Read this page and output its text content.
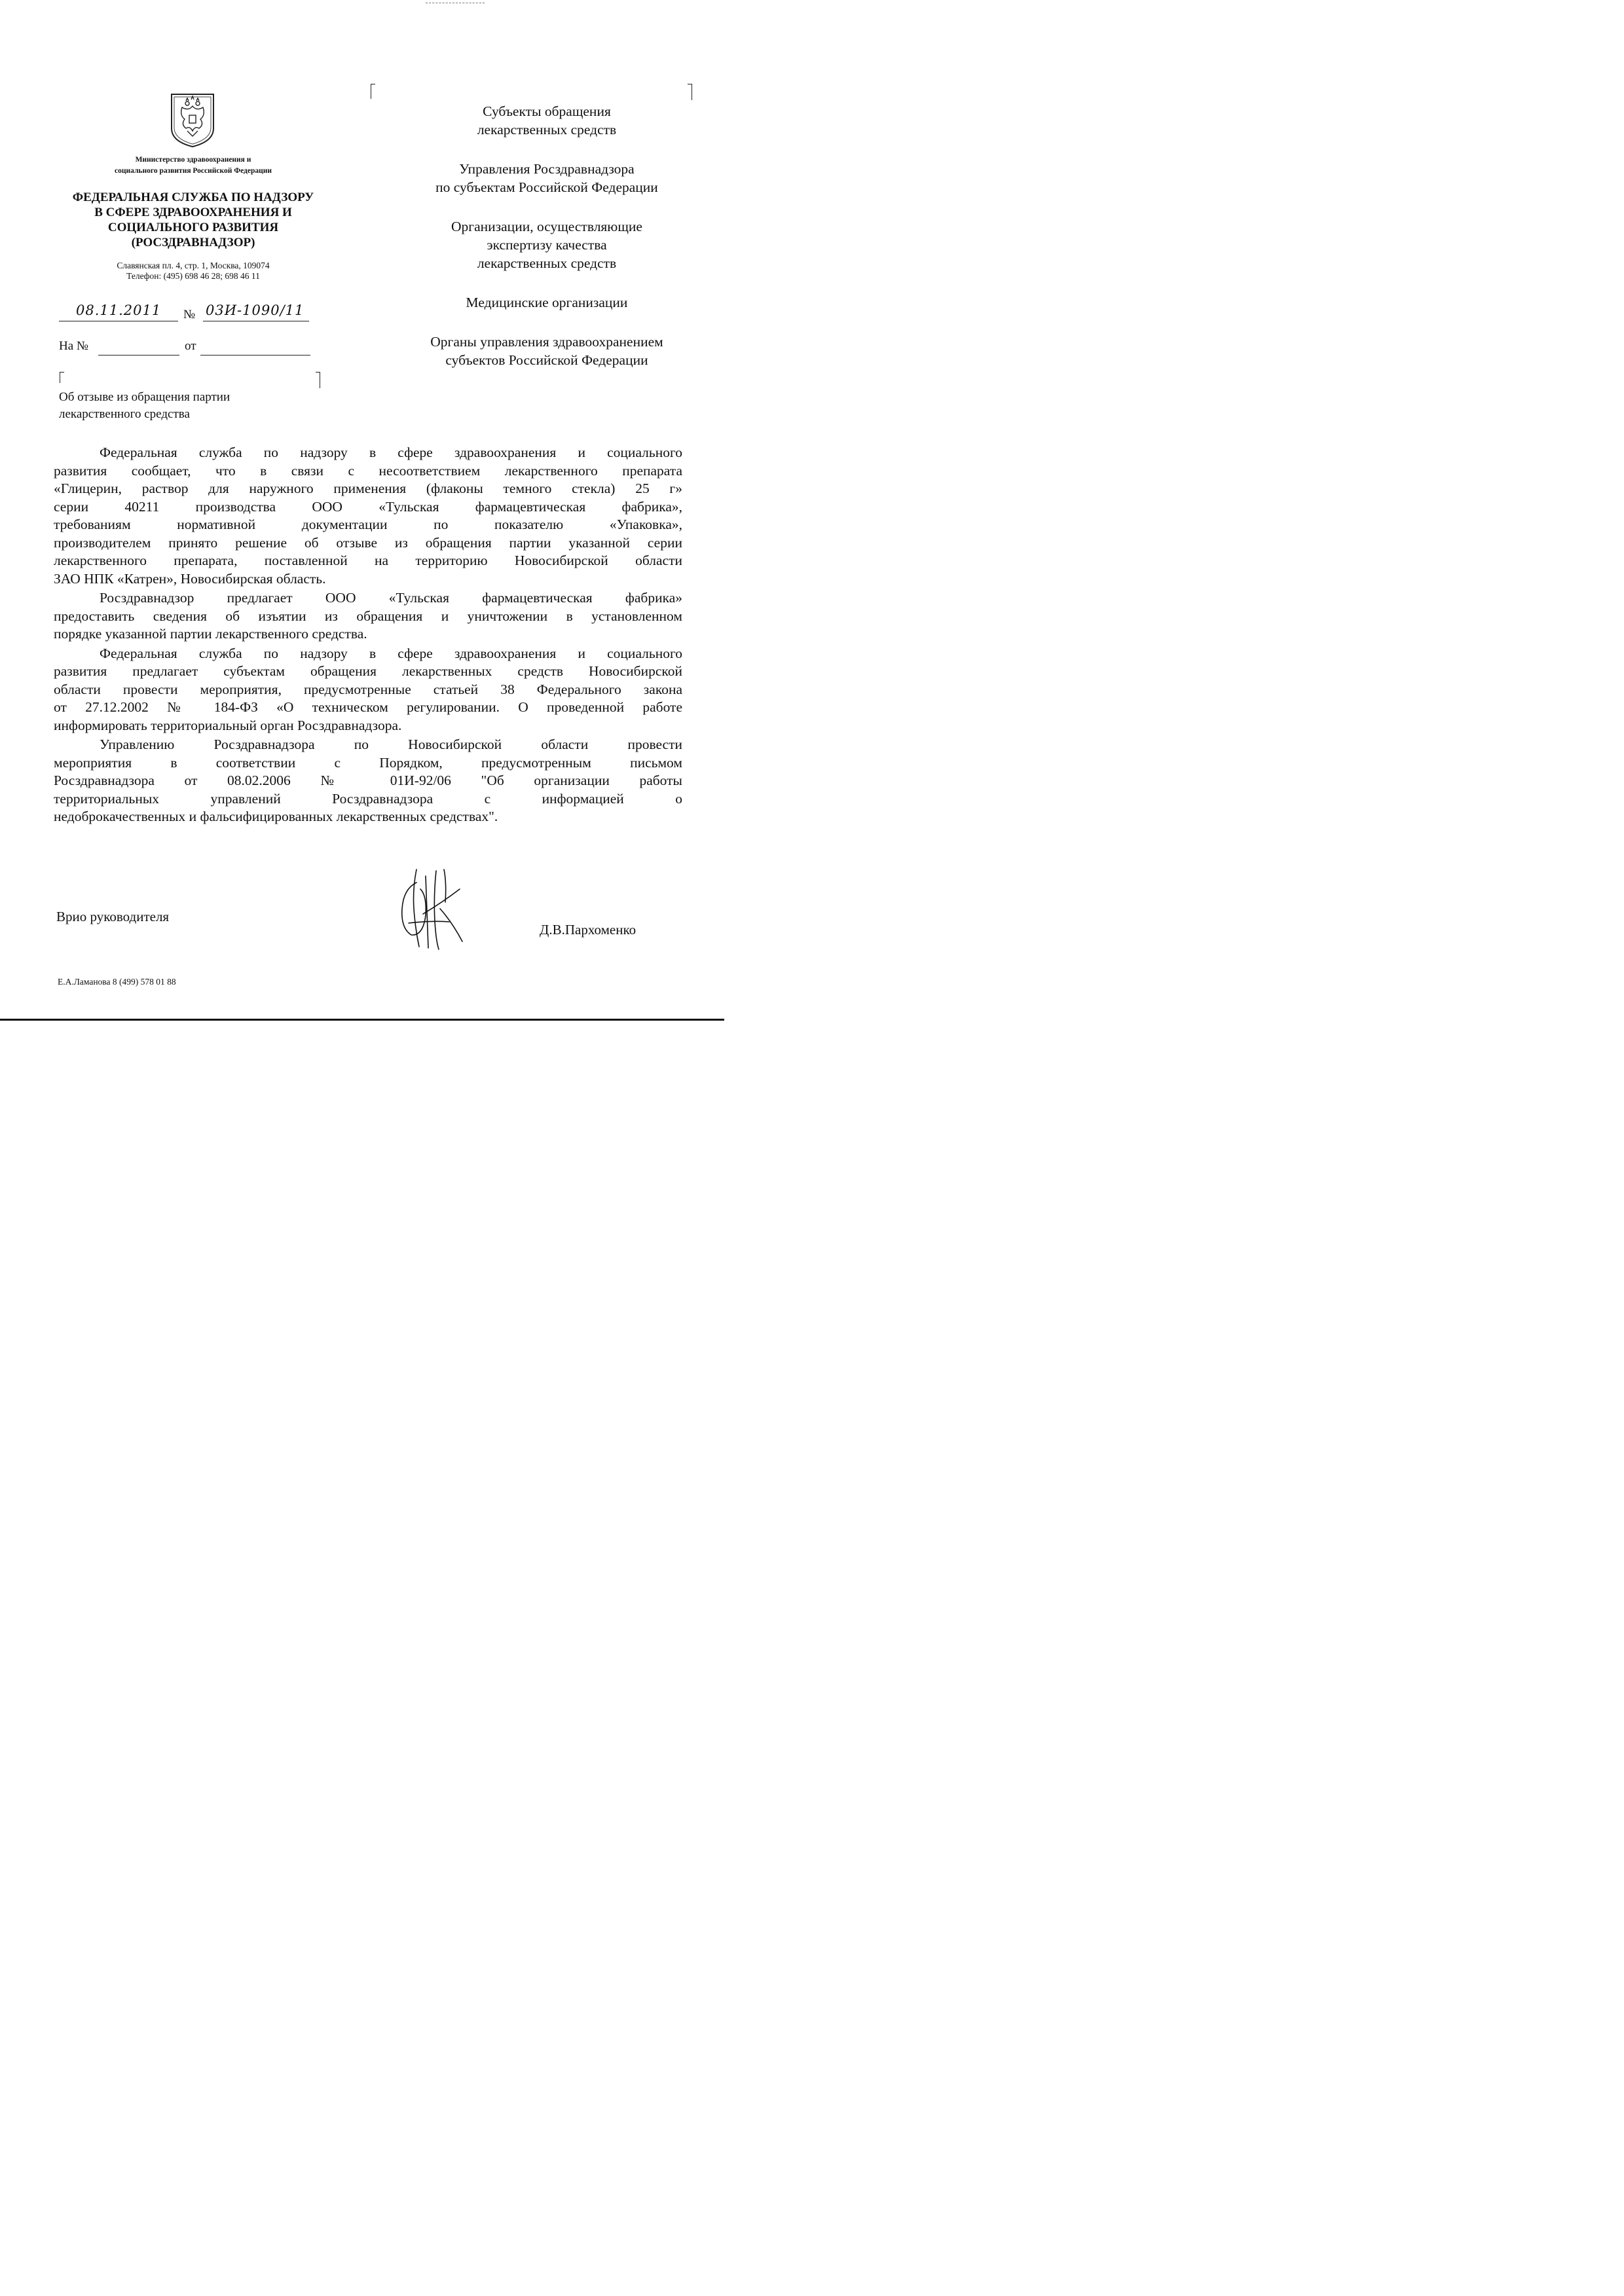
Министерство здравоохранения и
социального развития Российской Федерации
ФЕДЕРАЛЬНАЯ СЛУЖБА ПО НАДЗОРУ
В СФЕРЕ ЗДРАВООХРАНЕНИЯ И
СОЦИАЛЬНОГО РАЗВИТИЯ
(РОСЗДРАВНАДЗОР)
Славянская пл. 4, стр. 1, Москва, 109074
Телефон: (495) 698 46 28; 698 46 11
08.11.2011 № 03И-1090/11
На №	от
Об отзыве из обращения партии
лекарственного средства
Субъекты обращения
лекарственных средств
Управления Росздравнадзора
по субъектам Российской Федерации
Организации, осуществляющие
экспертизу качества
лекарственных средств
Медицинские организации
Органы управления здравоохранением
субъектов Российской Федерации
Федеральная служба по надзору в сфере здравоохранения и социального
развития сообщает, что в связи с несоответствием лекарственного препарата
«Глицерин, раствор для наружного применения (флаконы темного стекла) 25 г»
серии 40211 производства ООО «Тульская фармацевтическая фабрика»,
требованиям нормативной документации по показателю «Упаковка»,
производителем принято решение об отзыве из обращения партии указанной серии
лекарственного препарата, поставленной на территорию Новосибирской области
ЗАО НПК «Катрен», Новосибирская область.
Росздравнадзор предлагает ООО «Тульская фармацевтическая фабрика»
предоставить сведения об изъятии из обращения и уничтожении в установленном
порядке указанной партии лекарственного средства.
Федеральная служба по надзору в сфере здравоохранения и социального
развития предлагает субъектам обращения лекарственных средств Новосибирской
области провести мероприятия, предусмотренные статьей 38 Федерального закона
от 27.12.2002 № 184-ФЗ «О техническом регулировании. О проведенной работе
информировать территориальный орган Росздравнадзора.
Управлению Росздравнадзора по Новосибирской области провести
мероприятия в соответствии с Порядком, предусмотренным письмом
Росздравнадзора от 08.02.2006 № 01И-92/06 "Об организации работы
территориальных управлений Росздравнадзора с информацией о
недоброкачественных и фальсифицированных лекарственных средствах".
Врио руководителя
Д.В.Пархоменко
Е.А.Ламанова 8 (499) 578 01 88
